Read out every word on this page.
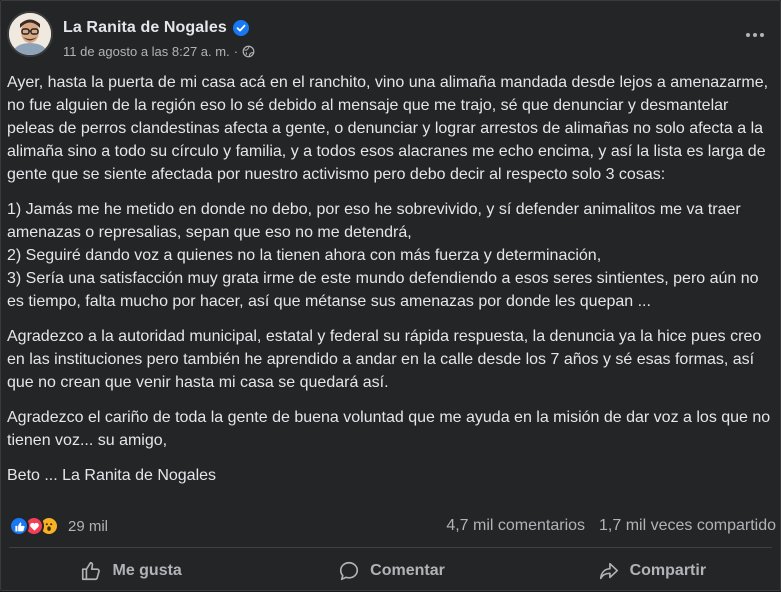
La Ranita de Nogales
11 de agosto a las 8:27 a. m. ·

Ayer, hasta la puerta de mi casa acá en el ranchito, vino una alimaña mandada desde lejos a amenazarme, no fue alguien de la región eso lo sé debido al mensaje que me trajo, sé que denunciar y desmantelar peleas de perros clandestinas afecta a gente, o denunciar y lograr arrestos de alimañas no solo afecta a la alimaña sino a todo su círculo y familia, y a todos esos alacranes me echo encima, y así la lista es larga de gente que se siente afectada por nuestro activismo pero debo decir al respecto solo 3 cosas:

1) Jamás me he metido en donde no debo, por eso he sobrevivido, y sí defender animalitos me va traer amenazas o represalias, sepan que eso no me detendrá,

2) Seguiré dando voz a quienes no la tienen ahora con más fuerza y determinación,

3) Sería una satisfacción muy grata irme de este mundo defendiendo a esos seres sintientes, pero aún no es tiempo, falta mucho por hacer, así que métanse sus amenazas por donde les quepan ...

Agradezco a la autoridad municipal, estatal y federal su rápida respuesta, la denuncia ya la hice pues creo en las instituciones pero también he aprendido a andar en la calle desde los 7 años y sé esas formas, así que no crean que venir hasta mi casa se quedará así.

Agradezco el cariño de toda la gente de buena voluntad que me ayuda en la misión de dar voz a los que no tienen voz... su amigo,

Beto ... La Ranita de Nogales

29 mil	4,7 mil comentarios 1,7 mil veces compartido
Me gusta	Comentar	Compartir
